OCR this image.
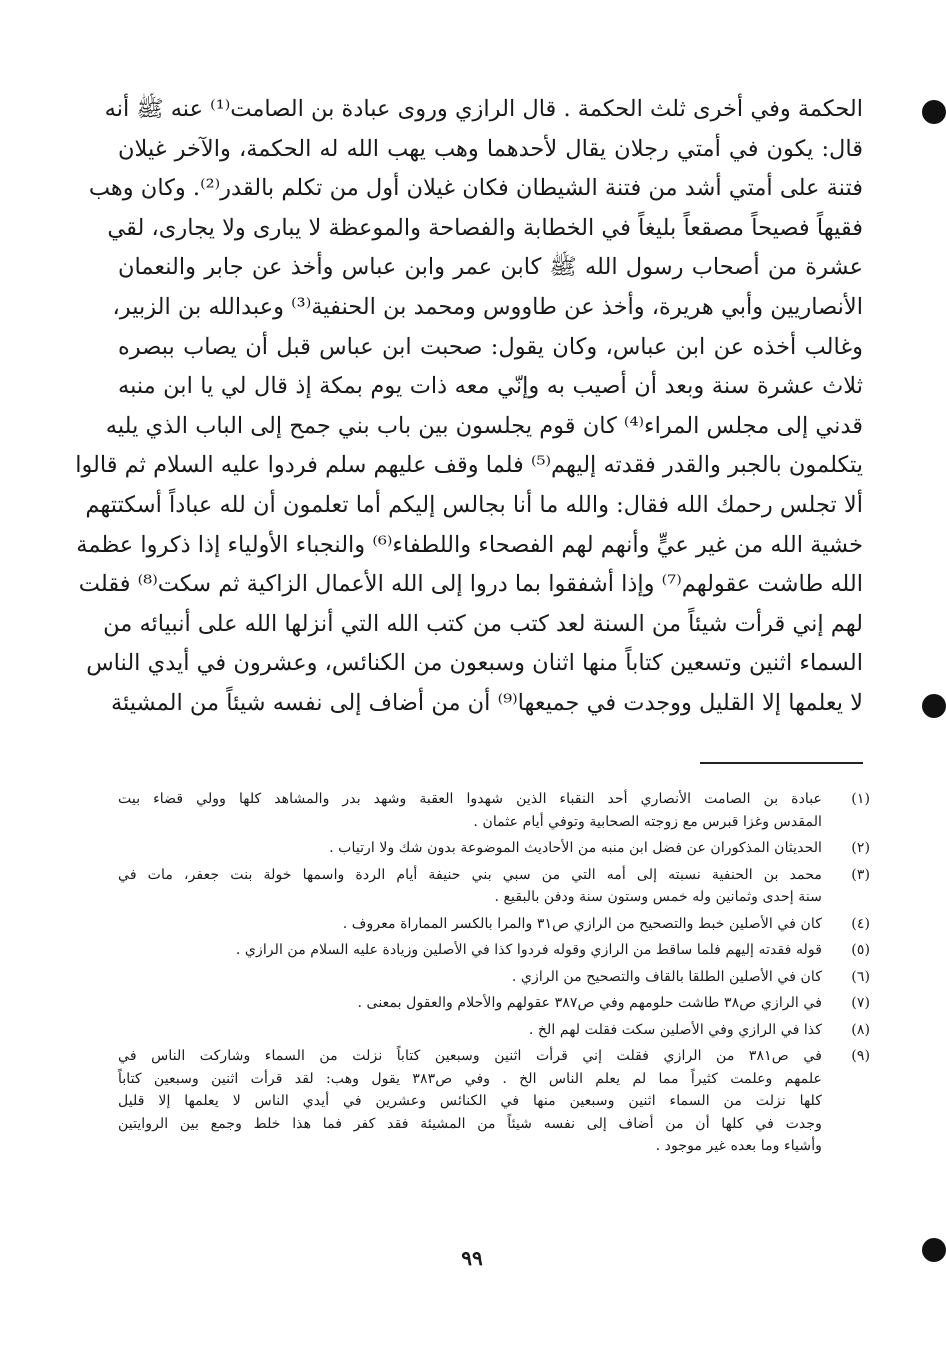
الحكمة وفي أخرى ثلث الحكمة . قال الرازي وروى عبادة بن الصامت⁽¹⁾ عنه ﷺ أنه
قال: يكون في أمتي رجلان يقال لأحدهما وهب يهب الله له الحكمة، والآخر غيلان
فتنة على أمتي أشد من فتنة الشيطان فكان غيلان أول من تكلم بالقدر⁽²⁾. وكان وهب
فقيهاً فصيحاً مصقعاً بليغاً في الخطابة والفصاحة والموعظة لا يبارى ولا يجارى، لقي
عشرة من أصحاب رسول الله ﷺ كابن عمر وابن عباس وأخذ عن جابر والنعمان
الأنصاريين وأبي هريرة، وأخذ عن طاووس ومحمد بن الحنفية⁽³⁾ وعبدالله بن الزبير،
وغالب أخذه عن ابن عباس، وكان يقول: صحبت ابن عباس قبل أن يصاب ببصره
ثلاث عشرة سنة وبعد أن أصيب به وإنّي معه ذات يوم بمكة إذ قال لي يا ابن منبه
قدني إلى مجلس المراء⁽⁴⁾ كان قوم يجلسون بين باب بني جمح إلى الباب الذي يليه
يتكلمون بالجبر والقدر فقدته إليهم⁽⁵⁾ فلما وقف عليهم سلم فردوا عليه السلام ثم قالوا
ألا تجلس رحمك الله فقال: والله ما أنا بجالس إليكم أما تعلمون أن لله عباداً أسكتتهم
خشية الله من غير عيٍّ وأنهم لهم الفصحاء واللطفاء⁽⁶⁾ والنجباء الأولياء إذا ذكروا عظمة
الله طاشت عقولهم⁽⁷⁾ وإذا أشفقوا بما دروا إلى الله الأعمال الزاكية ثم سكت⁽⁸⁾ فقلت
لهم إني قرأت شيئاً من السنة لعد كتب من كتب الله التي أنزلها الله على أنبيائه من
السماء اثنين وتسعين كتاباً منها اثنان وسبعون من الكنائس، وعشرون في أيدي الناس
لا يعلمها إلا القليل ووجدت في جميعها⁽⁹⁾ أن من أضاف إلى نفسه شيئاً من المشيئة
(١)
عبادة بن الصامت الأنصاري أحد النقباء الذين شهدوا العقبة وشهد بدر والمشاهد كلها وولي قضاء بيت
المقدس وغزا قبرس مع زوجته الصحابية وتوفي أيام عثمان .
(٢)
الحديثان المذكوران عن فضل ابن منبه من الأحاديث الموضوعة بدون شك ولا ارتياب .
(٣)
محمد بن الحنفية نسبته إلى أمه التي من سبي بني حنيفة أيام الردة واسمها خولة بنت جعفر، مات في
سنة إحدى وثمانين وله خمس وستون سنة ودفن بالبقيع .
(٤)
كان في الأصلين خبط والتصحيح من الرازي ص٣١ والمرا بالكسر المماراة معروف .
(٥)
قوله فقدته إليهم فلما ساقط من الرازي وقوله فردوا كذا في الأصلين وزيادة عليه السلام من الرازي .
(٦)
كان في الأصلين الطلقا بالقاف والتصحيح من الرازي .
(٧)
في الرازي ص٣٨ طاشت حلومهم وفي ص٣٨٧ عقولهم والأحلام والعقول بمعنى .
(٨)
كذا في الرازي وفي الأصلين سكت فقلت لهم الخ .
(٩)
في ص٣٨١ من الرازي فقلت إني قرأت اثنين وسبعين كتاباً نزلت من السماء وشاركت الناس في
علمهم وعلمت كثيراً مما لم يعلم الناس الخ . وفي ص٣٨٣ يقول وهب: لقد قرأت اثنين وسبعين كتاباً
كلها نزلت من السماء اثنين وسبعين منها في الكنائس وعشرين في أيدي الناس لا يعلمها إلا قليل
وجدت في كلها أن من أضاف إلى نفسه شيئاً من المشيئة فقد كفر فما هذا خلط وجمع بين الروايتين
وأشياء وما بعده غير موجود .
٩٩
